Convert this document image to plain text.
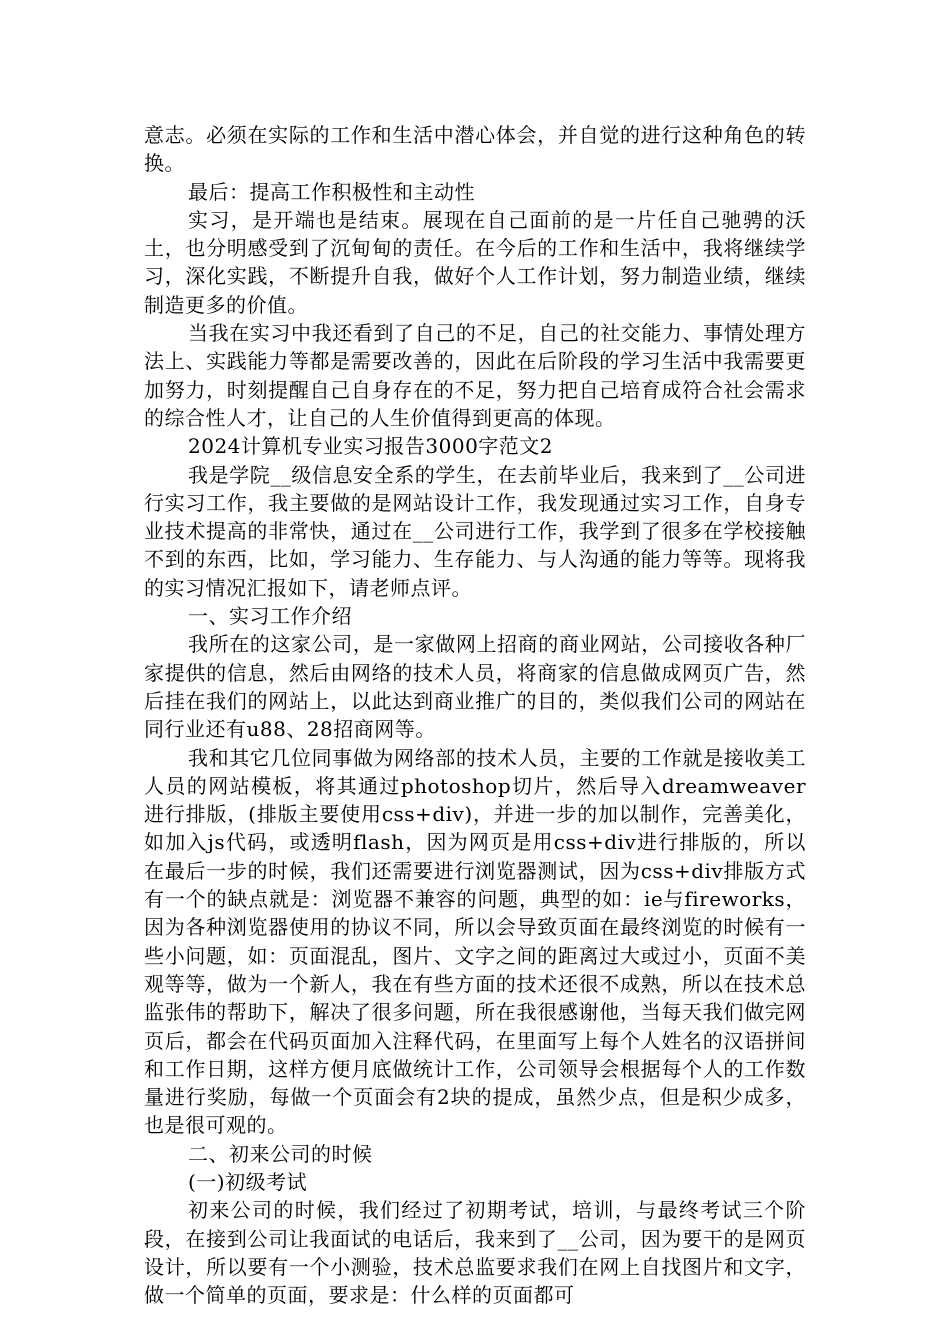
意志。必须在实际的工作和生活中潜心体会，并自觉的进行这种角色的转换。

最后：提高工作积极性和主动性

实习，是开端也是结束。展现在自己面前的是一片任自己驰骋的沃土，也分明感受到了沉甸甸的责任。在今后的工作和生活中，我将继续学习，深化实践，不断提升自我，做好个人工作计划，努力制造业绩，继续制造更多的价值。

当我在实习中我还看到了自己的不足，自己的社交能力、事情处理方法上、实践能力等都是需要改善的，因此在后阶段的学习生活中我需要更加努力，时刻提醒自己自身存在的不足，努力把自己培育成符合社会需求的综合性人才，让自己的人生价值得到更高的体现。

2024计算机专业实习报告3000字范文2

我是学院__级信息安全系的学生，在去前毕业后，我来到了__公司进行实习工作，我主要做的是网站设计工作，我发现通过实习工作，自身专业技术提高的非常快，通过在__公司进行工作，我学到了很多在学校接触不到的东西，比如，学习能力、生存能力、与人沟通的能力等等。现将我的实习情况汇报如下，请老师点评。

一、实习工作介绍

我所在的这家公司，是一家做网上招商的商业网站，公司接收各种厂家提供的信息，然后由网络的技术人员，将商家的信息做成网页广告，然后挂在我们的网站上，以此达到商业推广的目的，类似我们公司的网站在同行业还有u88、28招商网等。

我和其它几位同事做为网络部的技术人员，主要的工作就是接收美工人员的网站模板，将其通过photoshop切片，然后导入dreamweaver进行排版，(排版主要使用css+div)，并进一步的加以制作，完善美化，如加入js代码，或透明flash，因为网页是用css+div进行排版的，所以在最后一步的时候，我们还需要进行浏览器测试，因为css+div排版方式有一个的缺点就是：浏览器不兼容的问题，典型的如：ie与fireworks，因为各种浏览器使用的协议不同，所以会导致页面在最终浏览的时候有一些小问题，如：页面混乱，图片、文字之间的距离过大或过小，页面不美观等等，做为一个新人，我在有些方面的技术还很不成熟，所以在技术总监张伟的帮助下，解决了很多问题，所在我很感谢他，当每天我们做完网页后，都会在代码页面加入注释代码，在里面写上每个人姓名的汉语拼间和工作日期，这样方便月底做统计工作，公司领导会根据每个人的工作数量进行奖励，每做一个页面会有2块的提成，虽然少点，但是积少成多，也是很可观的。

二、初来公司的时候

(一)初级考试

初来公司的时候，我们经过了初期考试，培训，与最终考试三个阶段，在接到公司让我面试的电话后，我来到了__公司，因为要干的是网页设计，所以要有一个小测验，技术总监要求我们在网上自找图片和文字，做一个简单的页面，要求是：什么样的页面都可
